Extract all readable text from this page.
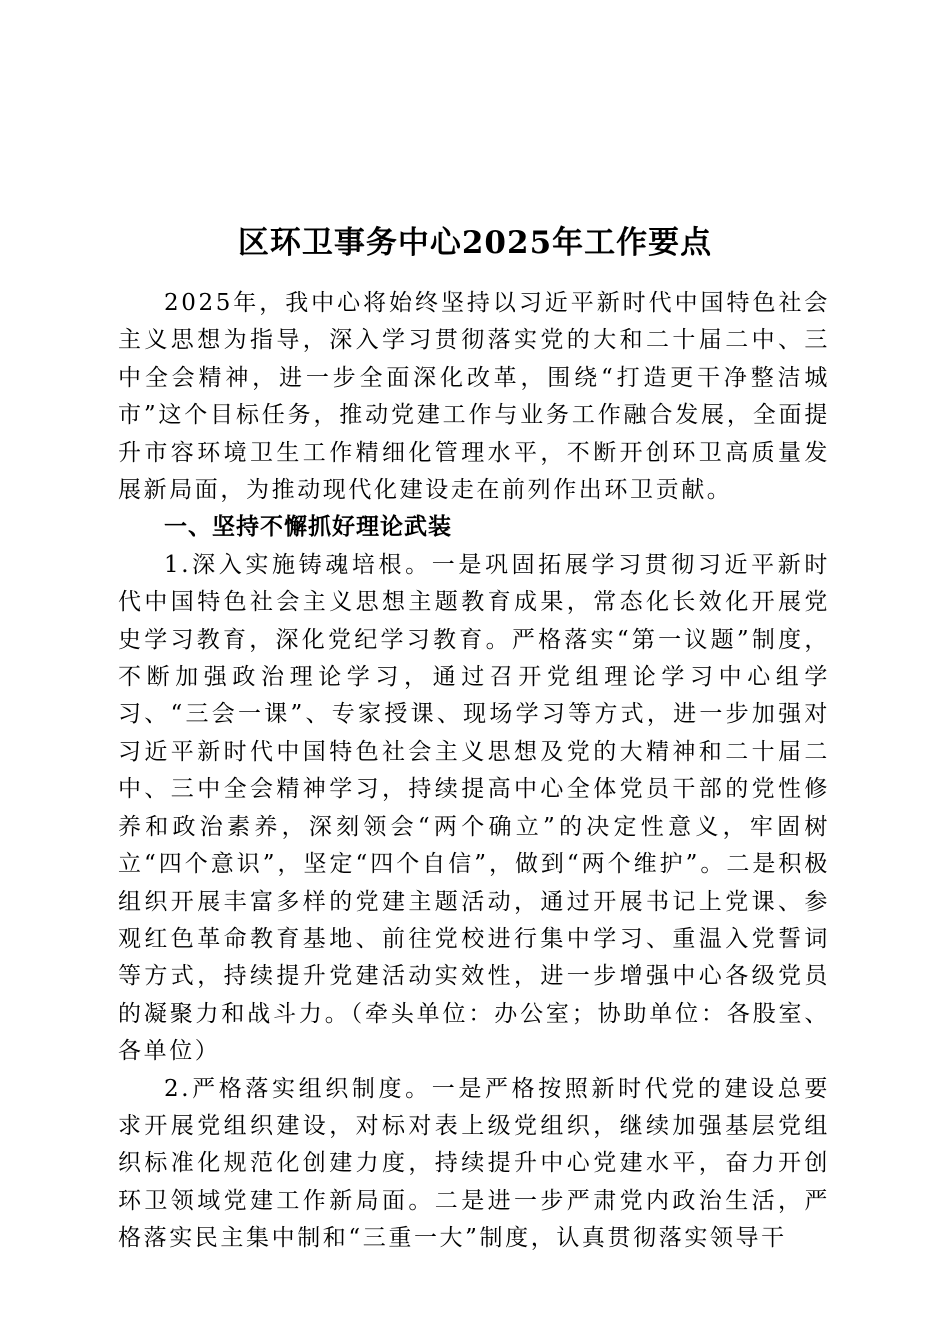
区环卫事务中心2025年工作要点

2025年，我中心将始终坚持以习近平新时代中国特色社会主义思想为指导，深入学习贯彻落实党的大和二十届二中、三中全会精神，进一步全面深化改革，围绕“打造更干净整洁城市”这个目标任务，推动党建工作与业务工作融合发展，全面提升市容环境卫生工作精细化管理水平，不断开创环卫高质量发展新局面，为推动现代化建设走在前列作出环卫贡献。

一、坚持不懈抓好理论武装

1.深入实施铸魂培根。一是巩固拓展学习贯彻习近平新时代中国特色社会主义思想主题教育成果，常态化长效化开展党史学习教育，深化党纪学习教育。严格落实“第一议题”制度，不断加强政治理论学习，通过召开党组理论学习中心组学习、“三会一课”、专家授课、现场学习等方式，进一步加强对习近平新时代中国特色社会主义思想及党的大精神和二十届二中、三中全会精神学习，持续提高中心全体党员干部的党性修养和政治素养，深刻领会“两个确立”的决定性意义，牢固树立“四个意识”，坚定“四个自信”，做到“两个维护”。二是积极组织开展丰富多样的党建主题活动，通过开展书记上党课、参观红色革命教育基地、前往党校进行集中学习、重温入党誓词等方式，持续提升党建活动实效性，进一步增强中心各级党员的凝聚力和战斗力。（牵头单位：办公室；协助单位：各股室、各单位）

2.严格落实组织制度。一是严格按照新时代党的建设总要求开展党组织建设，对标对表上级党组织，继续加强基层党组织标准化规范化创建力度，持续提升中心党建水平，奋力开创环卫领域党建工作新局面。二是进一步严肃党内政治生活，严格落实民主集中制和“三重一大”制度，认真贯彻落实领导干
